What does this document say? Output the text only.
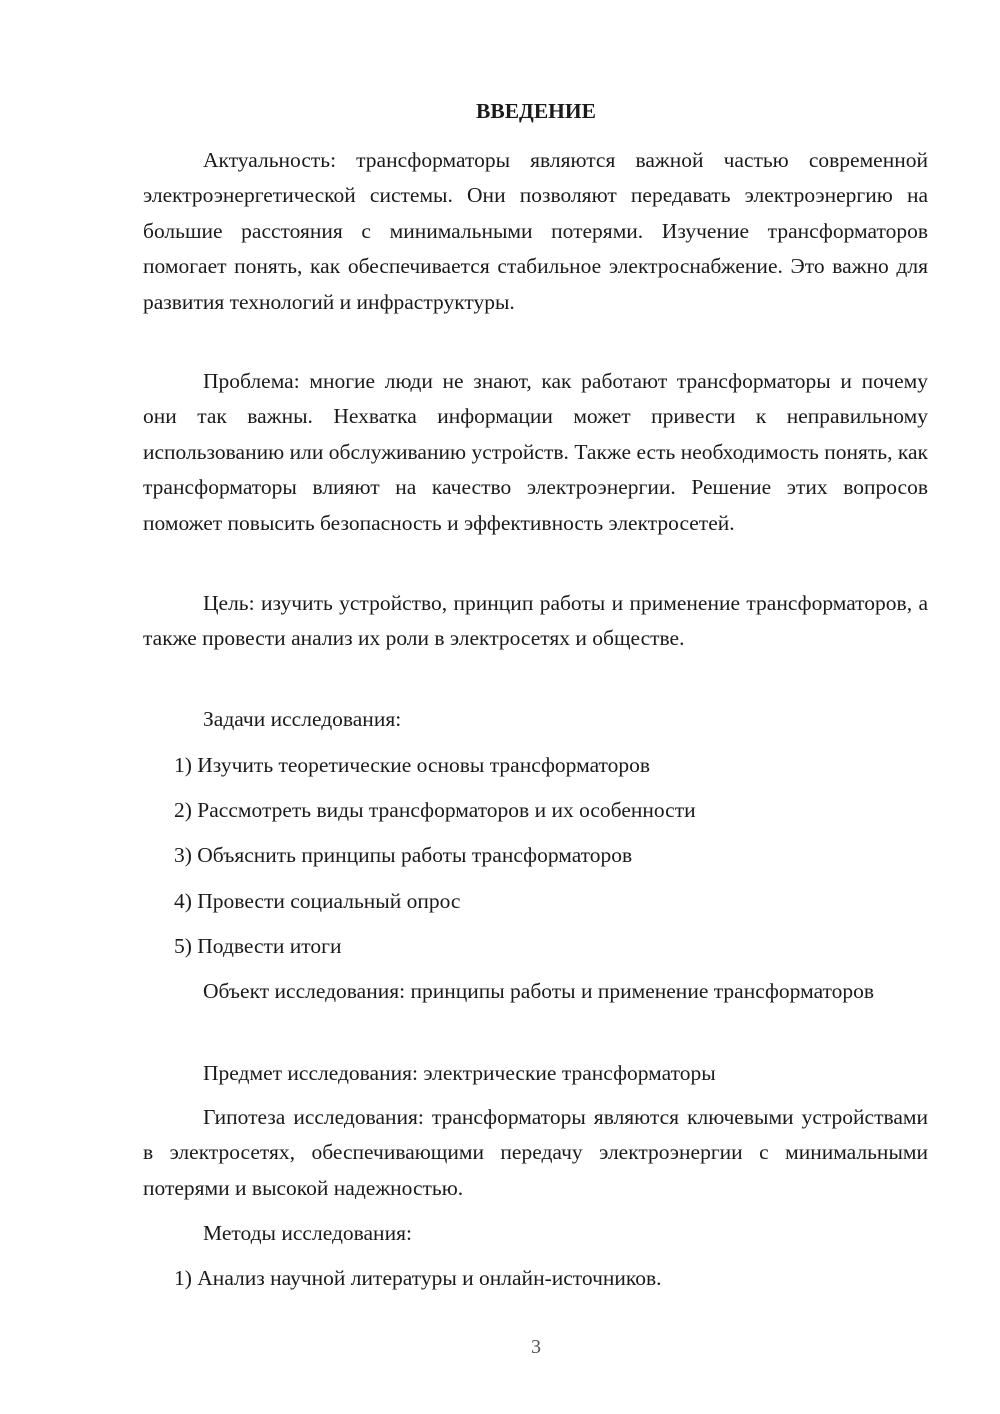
ВВЕДЕНИЕ
Актуальность: трансформаторы являются важной частью современной электроэнергетической системы. Они позволяют передавать электроэнергию на большие расстояния с минимальными потерями. Изучение трансформаторов помогает понять, как обеспечивается стабильное электроснабжение. Это важно для развития технологий и инфраструктуры.
Проблема: многие люди не знают, как работают трансформаторы и почему они так важны. Нехватка информации может привести к неправильному использованию или обслуживанию устройств. Также есть необходимость понять, как трансформаторы влияют на качество электроэнергии. Решение этих вопросов поможет повысить безопасность и эффективность электросетей.
Цель: изучить устройство, принцип работы и применение трансформаторов, а также провести анализ их роли в электросетях и обществе.
Задачи исследования:
1) Изучить теоретические основы трансформаторов
2) Рассмотреть виды трансформаторов и их особенности
3) Объяснить принципы работы трансформаторов
4) Провести социальный опрос
5) Подвести итоги
Объект исследования: принципы работы и применение трансформаторов
Предмет исследования: электрические трансформаторы
Гипотеза исследования: трансформаторы являются ключевыми устройствами в электросетях, обеспечивающими передачу электроэнергии с минимальными потерями и высокой надежностью.
Методы исследования:
1) Анализ научной литературы и онлайн-источников.
3
